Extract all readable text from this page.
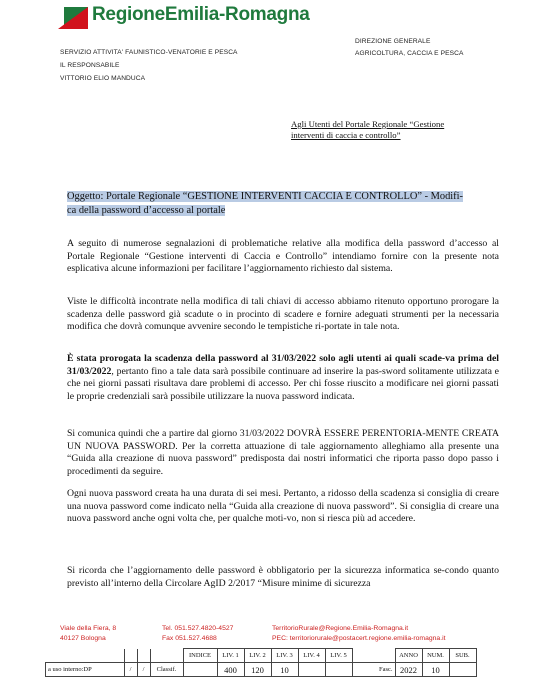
RegioneEmilia-Romagna
SERVIZIO ATTIVITA' FAUNISTICO-VENATORIE E PESCA
IL RESPONSABILE
VITTORIO ELIO MANDUCA
DIREZIONE GENERALE
AGRICOLTURA, CACCIA E PESCA
Agli Utenti del Portale Regionale “Gestione
interventi di caccia e controllo”
Oggetto: Portale Regionale “GESTIONE INTERVENTI CACCIA E CONTROLLO” - Modifi-
ca della password d’accesso al portale

A seguito di numerose segnalazioni di problematiche relative alla modifica della password d’accesso al Portale Regionale “Gestione interventi di Caccia e Controllo” intendiamo fornire con la presente nota esplicativa alcune informazioni per facilitare l’aggiornamento richiesto dal sistema.

Viste le difficoltà incontrate nella modifica di tali chiavi di accesso abbiamo ritenuto opportuno prorogare la scadenza delle password già scadute o in procinto di scadere e fornire adeguati strumenti per la necessaria modifica che dovrà comunque avvenire secondo le tempistiche ri-portate in tale nota.

È stata prorogata la scadenza della password al 31/03/2022 solo agli utenti ai quali scade-va prima del 31/03/2022, pertanto fino a tale data sarà possibile continuare ad inserire la pas-sword solitamente utilizzata e che nei giorni passati risultava dare problemi di accesso. Per chi fosse riuscito a modificare nei giorni passati le proprie credenziali sarà possibile utilizzare la nuova password indicata.

Si comunica quindi che a partire dal giorno 31/03/2022 DOVRÀ ESSERE PERENTORIA-MENTE CREATA UN NUOVA PASSWORD. Per la corretta attuazione di tale aggiornamento alleghiamo alla presente una “Guida alla creazione di nuova password” predisposta dai nostri informatici che riporta passo dopo passo i procedimenti da seguire.

Ogni nuova password creata ha una durata di sei mesi. Pertanto, a ridosso della scadenza si consiglia di creare una nuova password come indicato nella “Guida alla creazione di nuova password”. Si consiglia di creare una nuova password anche ogni volta che, per qualche moti-vo, non si riesca più ad accedere.

Si ricorda che l’aggiornamento delle password è obbligatorio per la sicurezza informatica se-condo quanto previsto all’interno della Circolare AgID 2/2017 “Misure minime di sicurezza

Viale della Fiera, 8
40127 Bologna
Tel. 051.527.4820-4527
Fax 051.527.4688
TerritorioRurale@Regione.Emilia-Romagna.it
PEC: territoriorurale@postacert.regione.emilia-romagna.it
				INDICE	LIV. 1	LIV. 2	LIV. 3	LIV. 4	LIV. 5		ANNO	NUM.	SUB.
a uso interno:DP	/	/	Classif.		400	120	10			Fasc.	2022	10	
